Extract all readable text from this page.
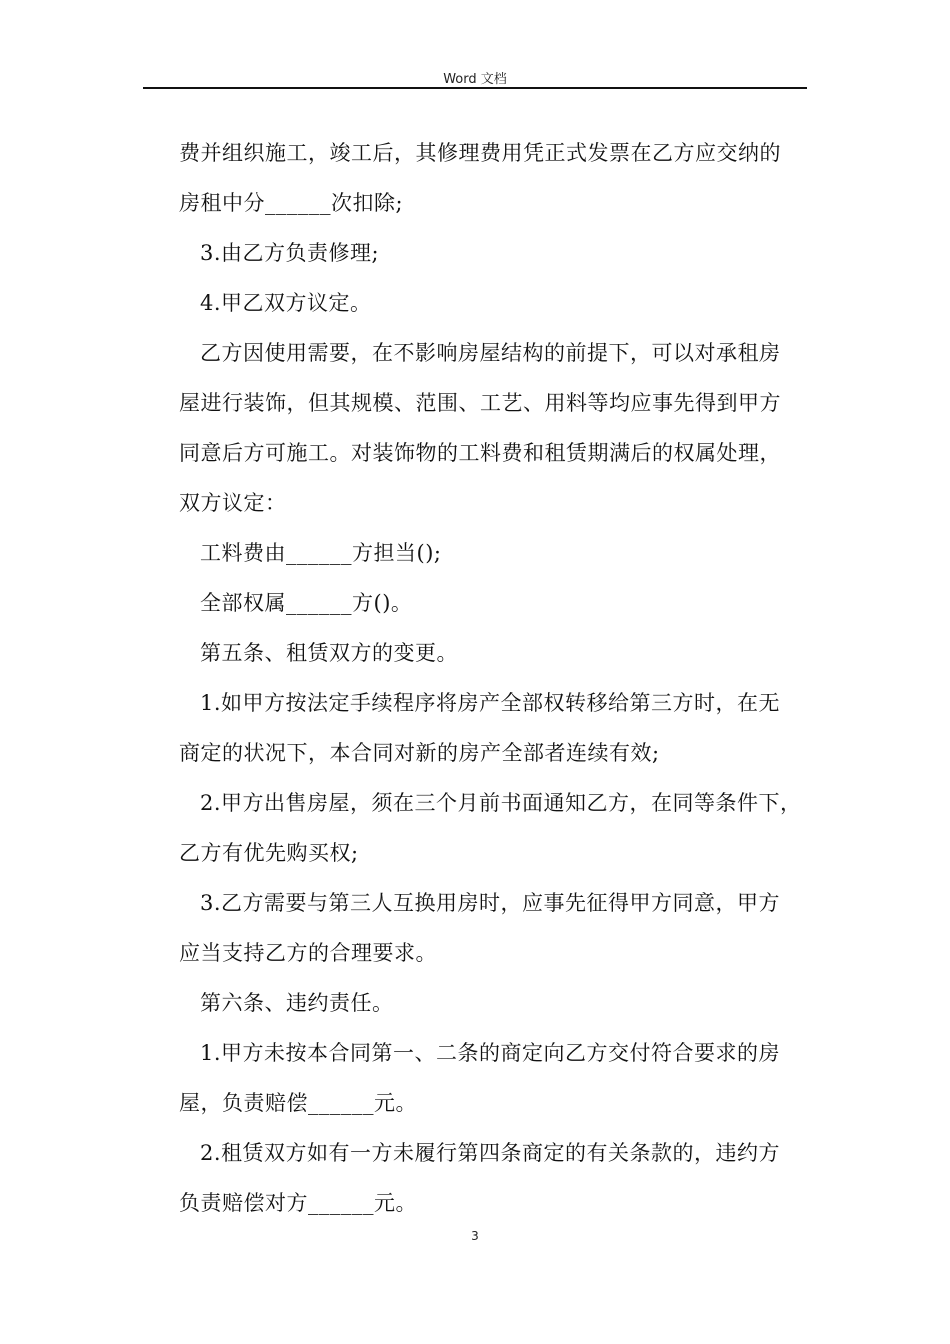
Word 文档
费并组织施工，竣工后，其修理费用凭正式发票在乙方应交纳的
房租中分______次扣除;
3.由乙方负责修理;
4.甲乙双方议定。
乙方因使用需要，在不影响房屋结构的前提下，可以对承租房
屋进行装饰，但其规模、范围、工艺、用料等均应事先得到甲方
同意后方可施工。对装饰物的工料费和租赁期满后的权属处理，
双方议定：
工料费由______方担当();
全部权属______方()。
第五条、租赁双方的变更。
1.如甲方按法定手续程序将房产全部权转移给第三方时，在无
商定的状况下，本合同对新的房产全部者连续有效;
2.甲方出售房屋，须在三个月前书面通知乙方，在同等条件下，
乙方有优先购买权;
3.乙方需要与第三人互换用房时，应事先征得甲方同意，甲方
应当支持乙方的合理要求。
第六条、违约责任。
1.甲方未按本合同第一、二条的商定向乙方交付符合要求的房
屋，负责赔偿______元。
2.租赁双方如有一方未履行第四条商定的有关条款的，违约方
负责赔偿对方______元。
3
